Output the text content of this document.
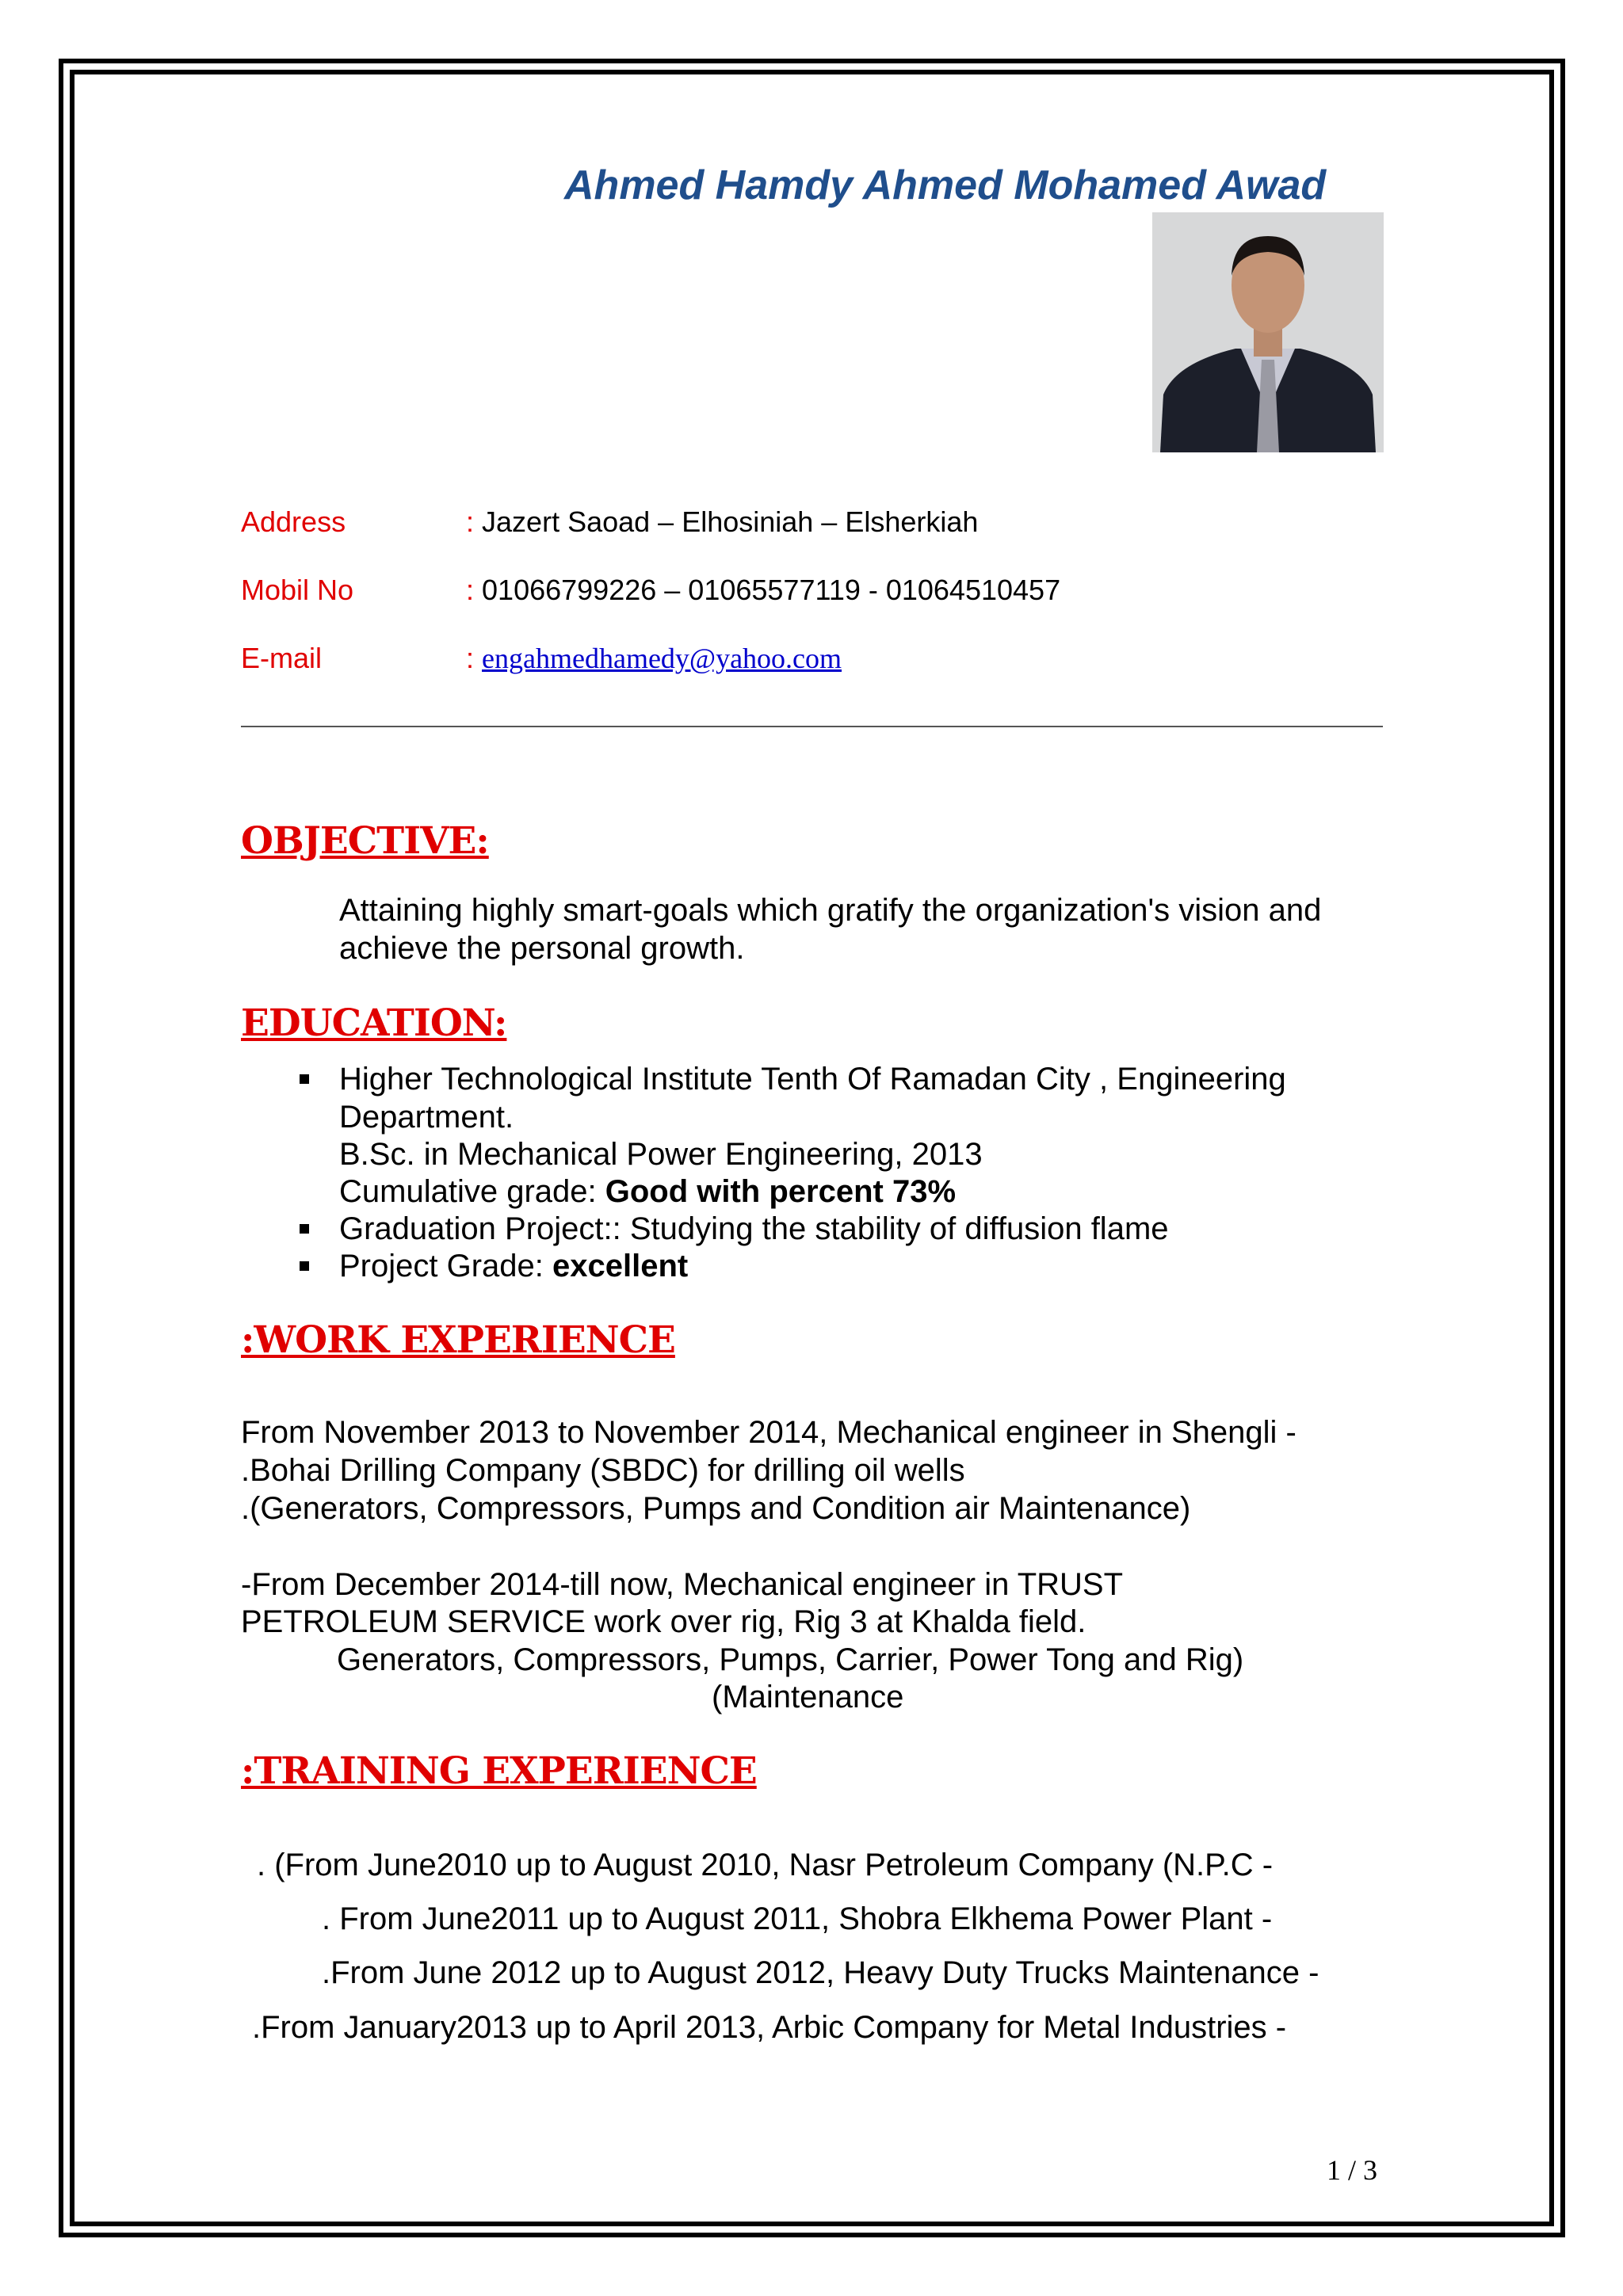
Ahmed Hamdy Ahmed Mohamed Awad
Address	: Jazert Saoad – Elhosiniah – Elsherkiah
Mobil No	: 01066799226 – 01065577119 - 01064510457
E-mail	: engahmedhamedy@yahoo.com
OBJECTIVE:
Attaining highly smart-goals which gratify the organization's vision and
achieve the personal growth.
EDUCATION:
Higher Technological Institute Tenth Of Ramadan City , Engineering
Department.
B.Sc. in Mechanical Power Engineering, 2013
Cumulative grade: Good with percent 73%
Graduation Project:: Studying the stability of diffusion flame
Project Grade: excellent
:WORK EXPERIENCE
From November 2013 to November 2014, Mechanical engineer in Shengli -
.Bohai Drilling Company (SBDC) for drilling oil wells
.(Generators, Compressors, Pumps and Condition air Maintenance)
-From December 2014-till now, Mechanical engineer in TRUST
PETROLEUM SERVICE work over rig, Rig 3 at Khalda field.
Generators, Compressors, Pumps, Carrier, Power Tong and Rig)
(Maintenance
:TRAINING EXPERIENCE
. (From June2010 up to August 2010, Nasr Petroleum Company (N.P.C -
. From June2011 up to August 2011, Shobra Elkhema Power Plant -
.From June 2012 up to August 2012, Heavy Duty Trucks Maintenance -
.From January2013 up to April 2013, Arbic Company for Metal Industries -
1 / 3
